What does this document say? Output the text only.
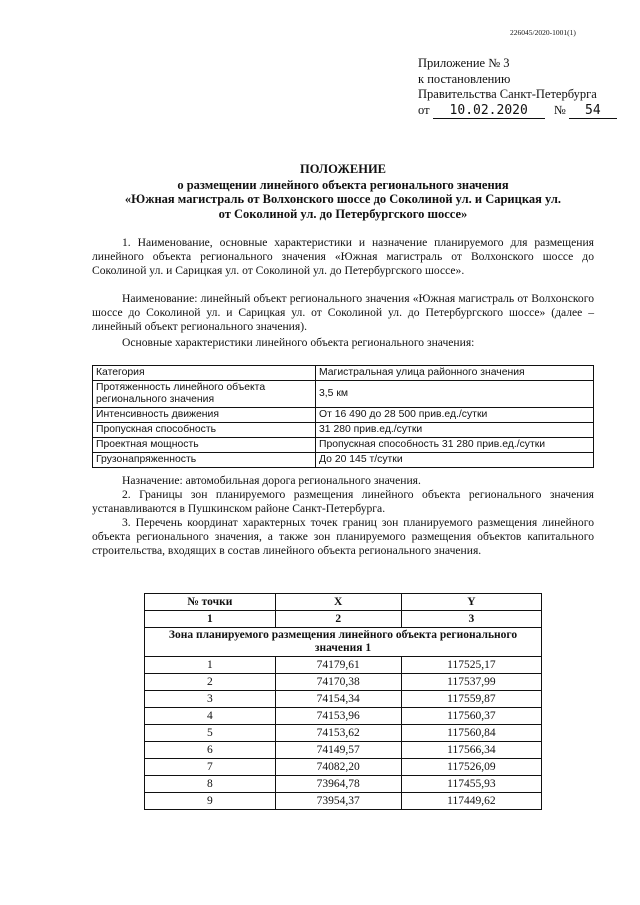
226045/2020-1001(1)
Приложение № 3
к постановлению
Правительства Санкт-Петербурга
от 10.02.2020 № 54
ПОЛОЖЕНИЕ
о размещении линейного объекта регионального значения
«Южная магистраль от Волхонского шоссе до Соколиной ул. и Сарицкая ул.
от Соколиной ул. до Петербургского шоссе»
1. Наименование, основные характеристики и назначение планируемого для размещения линейного объекта регионального значения «Южная магистраль от Волхонского шоссе до Соколиной ул. и Сарицкая ул. от Соколиной ул. до Петербургского шоссе».
Наименование: линейный объект регионального значения «Южная магистраль от Волхонского шоссе до Соколиной ул. и Сарицкая ул. от Соколиной ул. до Петербургского шоссе» (далее – линейный объект регионального значения).
Основные характеристики линейного объекта регионального значения:
Категория	Магистральная улица районного значения
Протяженность линейного объекта регионального значения	3,5 км
Интенсивность движения	От 16 490 до 28 500 прив.ед./сутки
Пропускная способность	31 280 прив.ед./сутки
Проектная мощность	Пропускная способность 31 280 прив.ед./сутки
Грузонапряженность	До 20 145 т/сутки
Назначение: автомобильная дорога регионального значения.
2. Границы зон планируемого размещения линейного объекта регионального значения устанавливаются в Пушкинском районе Санкт-Петербурга.
3. Перечень координат характерных точек границ зон планируемого размещения линейного объекта регионального значения, а также зон планируемого размещения объектов капитального строительства, входящих в состав линейного объекта регионального значения.
№ точки	X	Y
1	2	3
Зона планируемого размещения линейного объекта регионального значения 1		
1	74179,61	117525,17
2	74170,38	117537,99
3	74154,34	117559,87
4	74153,96	117560,37
5	74153,62	117560,84
6	74149,57	117566,34
7	74082,20	117526,09
8	73964,78	117455,93
9	73954,37	117449,62
